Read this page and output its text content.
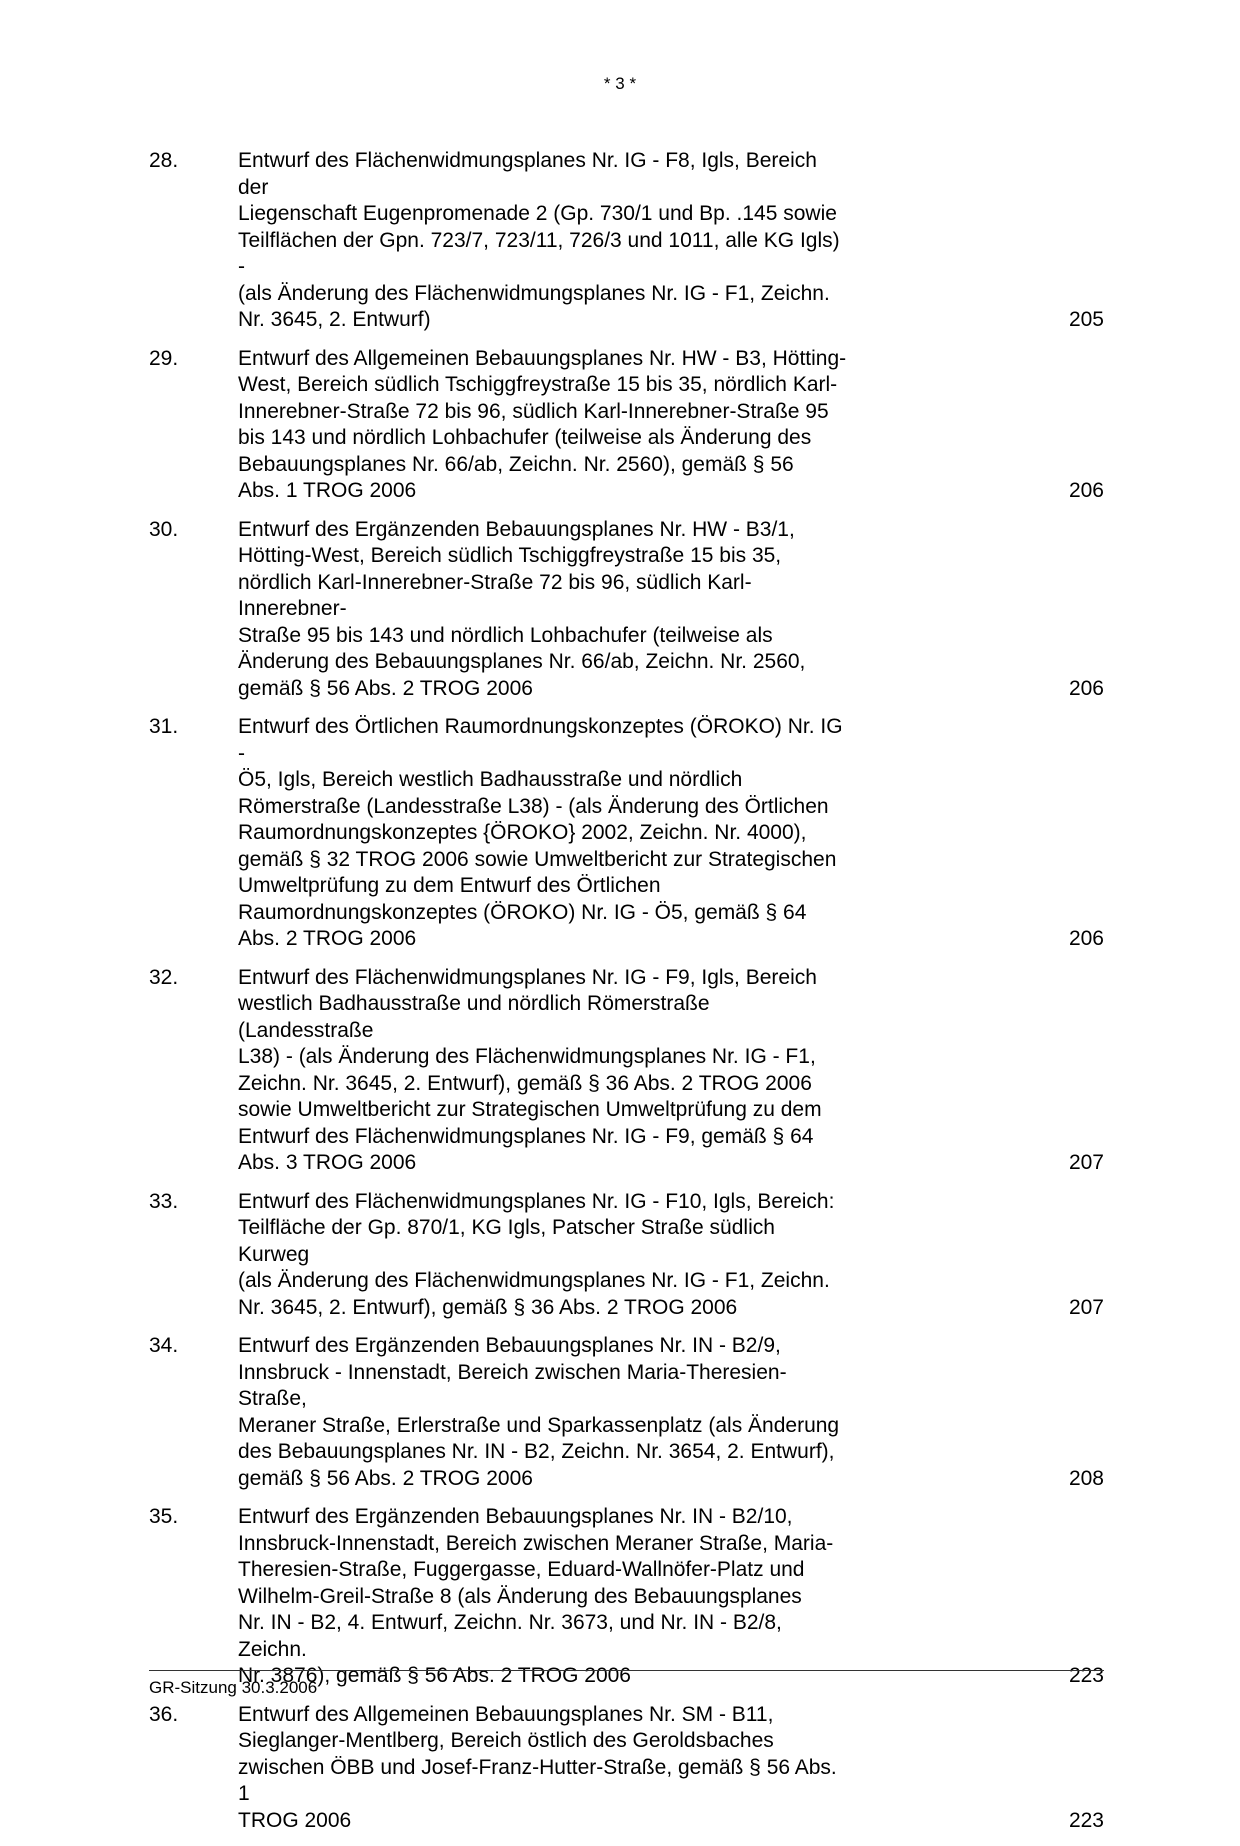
* 3 *
28.	Entwurf des Flächenwidmungsplanes Nr. IG - F8, Igls, Bereich der
Liegenschaft Eugenpromenade 2 (Gp. 730/1 und Bp. .145 sowie
Teilflächen der Gpn. 723/7, 723/11, 726/3 und 1011, alle KG Igls) -
(als Änderung des Flächenwidmungsplanes Nr. IG - F1, Zeichn.
Nr. 3645, 2. Entwurf)	205
29.	Entwurf des Allgemeinen Bebauungsplanes Nr. HW - B3, Hötting-
West, Bereich südlich Tschiggfreystraße 15 bis 35, nördlich Karl-
Innerebner-Straße 72 bis 96, südlich Karl-Innerebner-Straße 95
bis 143 und nördlich Lohbachufer (teilweise als Änderung des
Bebauungsplanes Nr. 66/ab, Zeichn. Nr. 2560), gemäß § 56
Abs. 1 TROG 2006	206
30.	Entwurf des Ergänzenden Bebauungsplanes Nr. HW - B3/1,
Hötting-West, Bereich südlich Tschiggfreystraße 15 bis 35,
nördlich Karl-Innerebner-Straße 72 bis 96, südlich Karl-Innerebner-
Straße 95 bis 143 und nördlich Lohbachufer (teilweise als
Änderung des Bebauungsplanes Nr. 66/ab, Zeichn. Nr. 2560,
gemäß § 56 Abs. 2 TROG 2006	206
31.	Entwurf des Örtlichen Raumordnungskonzeptes (ÖROKO) Nr. IG -
Ö5, Igls, Bereich westlich Badhausstraße und nördlich
Römerstraße (Landesstraße L38) - (als Änderung des Örtlichen
Raumordnungskonzeptes {ÖROKO} 2002, Zeichn. Nr. 4000),
gemäß § 32 TROG 2006 sowie Umweltbericht zur Strategischen
Umweltprüfung zu dem Entwurf des Örtlichen
Raumordnungskonzeptes (ÖROKO) Nr. IG - Ö5, gemäß § 64
Abs. 2 TROG 2006	206
32.	Entwurf des Flächenwidmungsplanes Nr. IG - F9, Igls, Bereich
westlich Badhausstraße und nördlich Römerstraße (Landesstraße
L38) - (als Änderung des Flächenwidmungsplanes Nr. IG - F1,
Zeichn. Nr. 3645, 2. Entwurf), gemäß § 36 Abs. 2 TROG 2006
sowie Umweltbericht zur Strategischen Umweltprüfung zu dem
Entwurf des Flächenwidmungsplanes Nr. IG - F9, gemäß § 64
Abs. 3 TROG 2006	207
33.	Entwurf des Flächenwidmungsplanes Nr. IG - F10, Igls, Bereich:
Teilfläche der Gp. 870/1, KG Igls, Patscher Straße südlich Kurweg
(als Änderung des Flächenwidmungsplanes Nr. IG - F1, Zeichn.
Nr. 3645, 2. Entwurf), gemäß § 36 Abs. 2 TROG 2006	207
34.	Entwurf des Ergänzenden Bebauungsplanes Nr. IN - B2/9,
Innsbruck - Innenstadt, Bereich zwischen Maria-Theresien-Straße,
Meraner Straße, Erlerstraße und Sparkassenplatz (als Änderung
des Bebauungsplanes Nr. IN - B2, Zeichn. Nr. 3654, 2. Entwurf),
gemäß § 56 Abs. 2 TROG 2006	208
35.	Entwurf des Ergänzenden Bebauungsplanes Nr. IN - B2/10,
Innsbruck-Innenstadt, Bereich zwischen Meraner Straße, Maria-
Theresien-Straße, Fuggergasse, Eduard-Wallnöfer-Platz und
Wilhelm-Greil-Straße 8 (als Änderung des Bebauungsplanes
Nr. IN - B2, 4. Entwurf, Zeichn. Nr. 3673, und Nr. IN - B2/8, Zeichn.
Nr. 3876), gemäß § 56 Abs. 2 TROG 2006	223
36.	Entwurf des Allgemeinen Bebauungsplanes Nr. SM - B11,
Sieglanger-Mentlberg, Bereich östlich des Geroldsbaches
zwischen ÖBB und Josef-Franz-Hutter-Straße, gemäß § 56 Abs. 1
TROG 2006	223
GR-Sitzung 30.3.2006
